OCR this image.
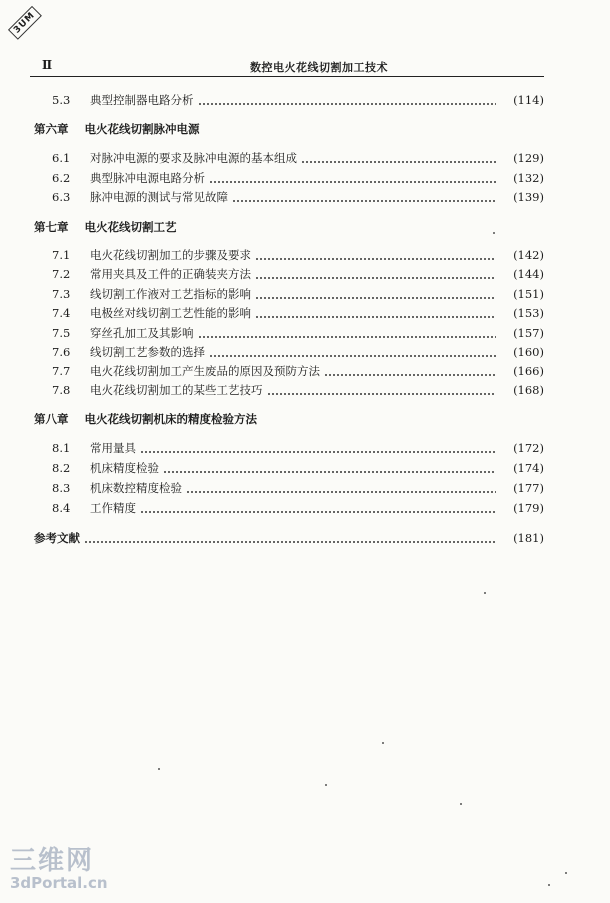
3UM
Ⅱ	数控电火花线切割加工技术
5.3	典型控制器电路分析	(114)
第六章 电火花线切割脉冲电源
6.1	对脉冲电源的要求及脉冲电源的基本组成	(129)
6.2	典型脉冲电源电路分析	(132)
6.3	脉冲电源的测试与常见故障	(139)
第七章 电火花线切割工艺
7.1	电火花线切割加工的步骤及要求	(142)
7.2	常用夹具及工件的正确装夹方法	(144)
7.3	线切割工作液对工艺指标的影响	(151)
7.4	电极丝对线切割工艺性能的影响	(153)
7.5	穿丝孔加工及其影响	(157)
7.6	线切割工艺参数的选择	(160)
7.7	电火花线切割加工产生废品的原因及预防方法	(166)
7.8	电火花线切割加工的某些工艺技巧	(168)
第八章 电火花线切割机床的精度检验方法
8.1	常用量具	(172)
8.2	机床精度检验	(174)
8.3	机床数控精度检验	(177)
8.4	工作精度	(179)
参考文献	(181)
三维网
3dPortal.cn
